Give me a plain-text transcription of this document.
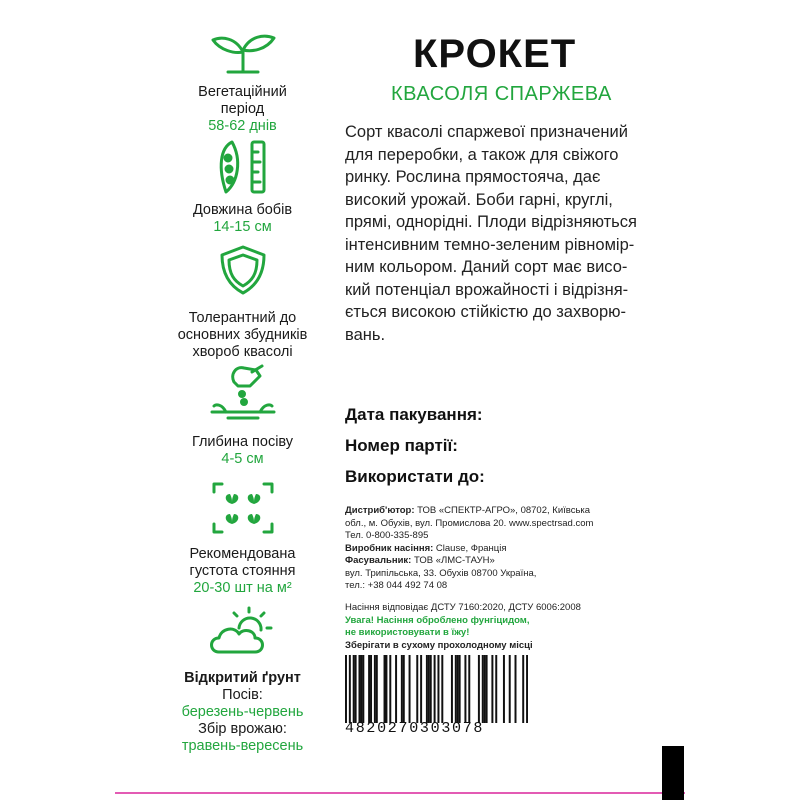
Вегетаційний
період
58-62 днів
Довжина бобів
14-15 см
Толерантний до
основних збудників
хвороб квасолі
Глибина посіву
4-5 см
Рекомендована
густота стояння
20-30 шт на м²
Відкритий ґрунт
Посів:
березень-червень
Збір врожаю:
травень-вересень
КРОКЕТ
КВАСОЛЯ СПАРЖЕВА
Сорт квасолі спаржевої призначений
для переробки, а також для свіжого
ринку. Рослина прямостояча, дає
високий урожай. Боби гарні, круглі,
прямі, однорідні. Плоди відрізняються
інтенсивним темно-зеленим рівномір-
ним кольором. Даний сорт має висо-
кий потенціал врожайності і відрізня-
ється високою стійкістю до захворю-
вань.
Дата пакування:
Номер партії:
Використати до:
Дистриб'ютор: ТОВ «СПЕКТР-АГРО», 08702, Київська
обл., м. Обухів, вул. Промислова 20. www.spectrsad.com
Тел. 0-800-335-895
Виробник насіння: Clause, Франція
Фасувальник: ТОВ «ЛМС-ТАУН»
вул. Трипільська, 33. Обухів 08700 Україна,
тел.: +38 044 492 74 08
Насіння відповідає ДСТУ 7160:2020, ДСТУ 6006:2008
Увага! Насіння оброблено фунгіцидом,
не використовувати в їжу!
Зберігати в сухому прохолодному місці
4820270303078
